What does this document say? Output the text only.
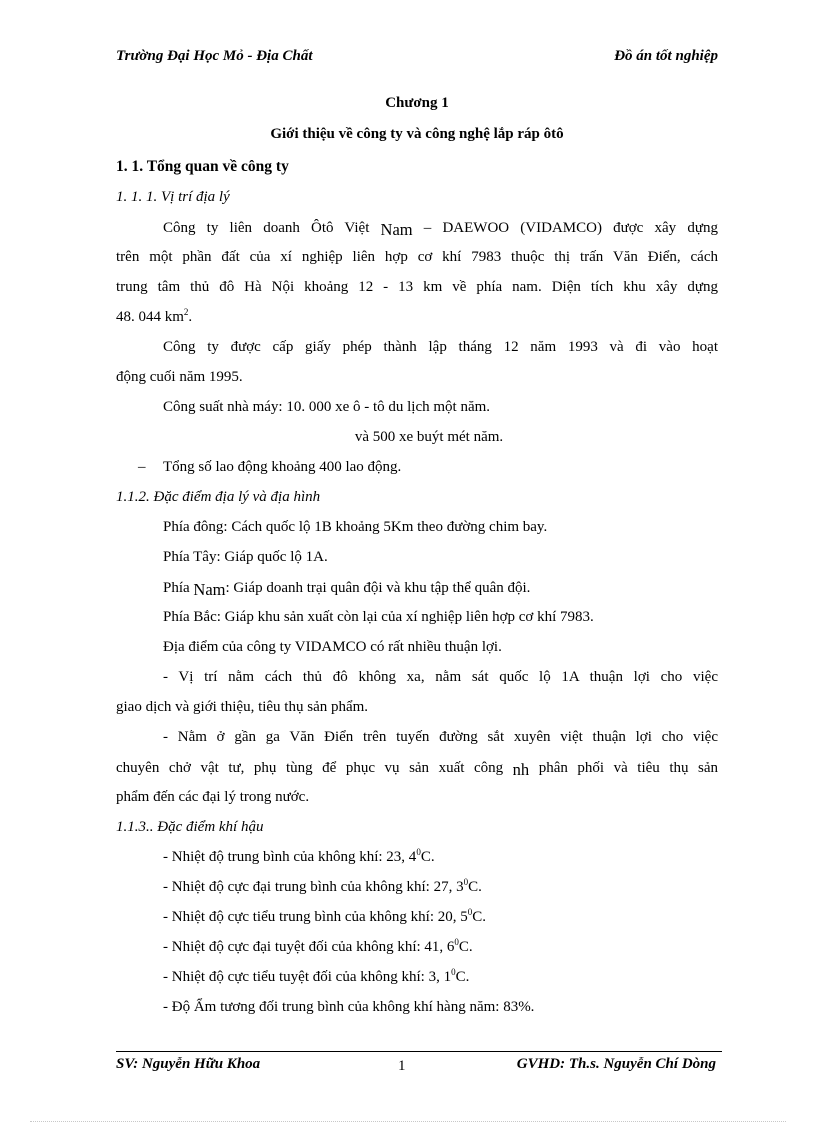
Trường Đại Học Mỏ - Địa Chất	Đồ án tốt nghiệp
Chương 1
Giới thiệu về công ty và công nghệ lắp ráp ôtô
1. 1. Tổng quan về công ty
1. 1. 1. Vị trí địa lý
Công ty liên doanh Ôtô Việt Nam – DAEWOO (VIDAMCO) được xây dựng
trên một phần đất của xí nghiệp liên hợp cơ khí 7983 thuộc thị trấn Văn Điển, cách
trung tâm thủ đô Hà Nội khoảng 12 - 13 km về phía nam. Diện tích khu xây dựng
48. 044 $km^2$.
Công ty được cấp giấy phép thành lập tháng 12 năm 1993 và đi vào hoạt
động cuối năm 1995.
Công suất nhà máy: 10. 000 xe ô - tô du lịch một năm.
và 500 xe buýt mét năm.
– Tổng số lao động khoảng 400 lao động.
1.1.2. Đặc điểm địa lý và địa hình
Phía đông: Cách quốc lộ 1B khoảng 5Km theo đường chim bay.
Phía Tây: Giáp quốc lộ 1A.
Phía Nam: Giáp doanh trại quân đội và khu tập thể quân đội.
Phía Bắc: Giáp khu sản xuất còn lại của xí nghiệp liên hợp cơ khí 7983.
Địa điểm của công ty VIDAMCO có rất nhiều thuận lợi.
- Vị trí nằm cách thủ đô không xa, nằm sát quốc lộ 1A thuận lợi cho việc
giao dịch và giới thiệu, tiêu thụ sản phẩm.
- Nằm ở gần ga Văn Điển trên tuyến đường sắt xuyên việt thuận lợi cho việc
chuyên chở vật tư, phụ tùng để phục vụ sản xuất công nh phân phối và tiêu thụ sản
phẩm đến các đại lý trong nước.
1.1.3.. Đặc điểm khí hậu
- Nhiệt độ trung bình của không khí: 23, $4^0C$.
- Nhiệt độ cực đại trung bình của không khí: 27, $3^0C$.
- Nhiệt độ cực tiểu trung bình của không khí: 20, $5^0C$.
- Nhiệt độ cực đại tuyệt đối của không khí: 41, $6^0C$.
- Nhiệt độ cực tiểu tuyệt đối của không khí: 3, $1^0C$.
- Độ Ẩm tương đối trung bình của không khí hàng năm: 83%.
SV: Nguyễn Hữu Khoa	1	GVHD: Th.s. Nguyễn Chí Dòng
